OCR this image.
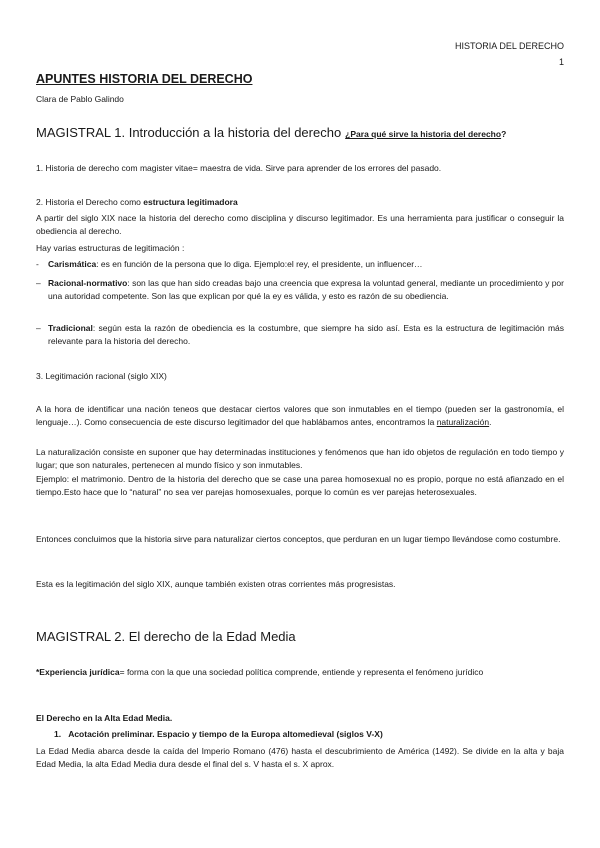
HISTORIA DEL DERECHO
1
APUNTES HISTORIA DEL DERECHO
Clara de Pablo Galindo
MAGISTRAL 1. Introducción a la historia del derecho ¿Para qué sirve la historia del derecho?

1. Historia de derecho com magister vitae= maestra de vida. Sirve para aprender de los errores del pasado.

2. Historia el Derecho como estructura legitimadora

A partir del siglo XIX nace la historia del derecho como disciplina y discurso legitimador. Es una herramienta para justificar o conseguir la obediencia al derecho.

Hay varias estructuras de legitimación :

-	Carismática: es en función de la persona que lo diga. Ejemplo:el rey, el presidente, un influencer…
– Racional-normativo: son las que han sido creadas bajo una creencia que expresa la voluntad general, mediante un procedimiento y por una autoridad competente. Son las que explican por qué la ey es válida, y esto es razón de su obediencia.
– Tradicional: según esta la razón de obediencia es la costumbre, que siempre ha sido así. Esta es la estructura de legitimación más relevante para la historia del derecho.

3. Legitimación racional (siglo XIX)

A la hora de identificar una nación teneos que destacar ciertos valores que son inmutables en el tiempo (pueden ser la gastronomía, el lenguaje…). Como consecuencia de este discurso legitimador del que hablábamos antes, encontramos la naturalización.

La naturalización consiste en suponer que hay determinadas instituciones y fenómenos que han ido objetos de regulación en todo tiempo y lugar; que son naturales, pertenecen al mundo físico y son inmutables.

Ejemplo: el matrimonio. Dentro de la historia del derecho que se case una parea homosexual no es propio, porque no está afianzado en el tiempo.Esto hace que lo “natural” no sea ver parejas homosexuales, porque lo común es ver parejas heterosexuales.

Entonces concluimos que la historia sirve para naturalizar ciertos conceptos, que perduran en un lugar tiempo llevándose como costumbre.

Esta es la legitimación del siglo XIX, aunque también existen otras corrientes más progresistas.

MAGISTRAL 2. El derecho de la Edad Media

*Experiencia jurídica= forma con la que una sociedad política comprende, entiende y representa el fenómeno jurídico

El Derecho en la Alta Edad Media.

1. Acotación preliminar. Espacio y tiempo de la Europa altomedieval (siglos V-X)

La Edad Media abarca desde la caída del Imperio Romano (476) hasta el descubrimiento de América (1492). Se divide en la alta y baja Edad Media, la alta Edad Media dura desde el final del s. V hasta el s. X aprox.
